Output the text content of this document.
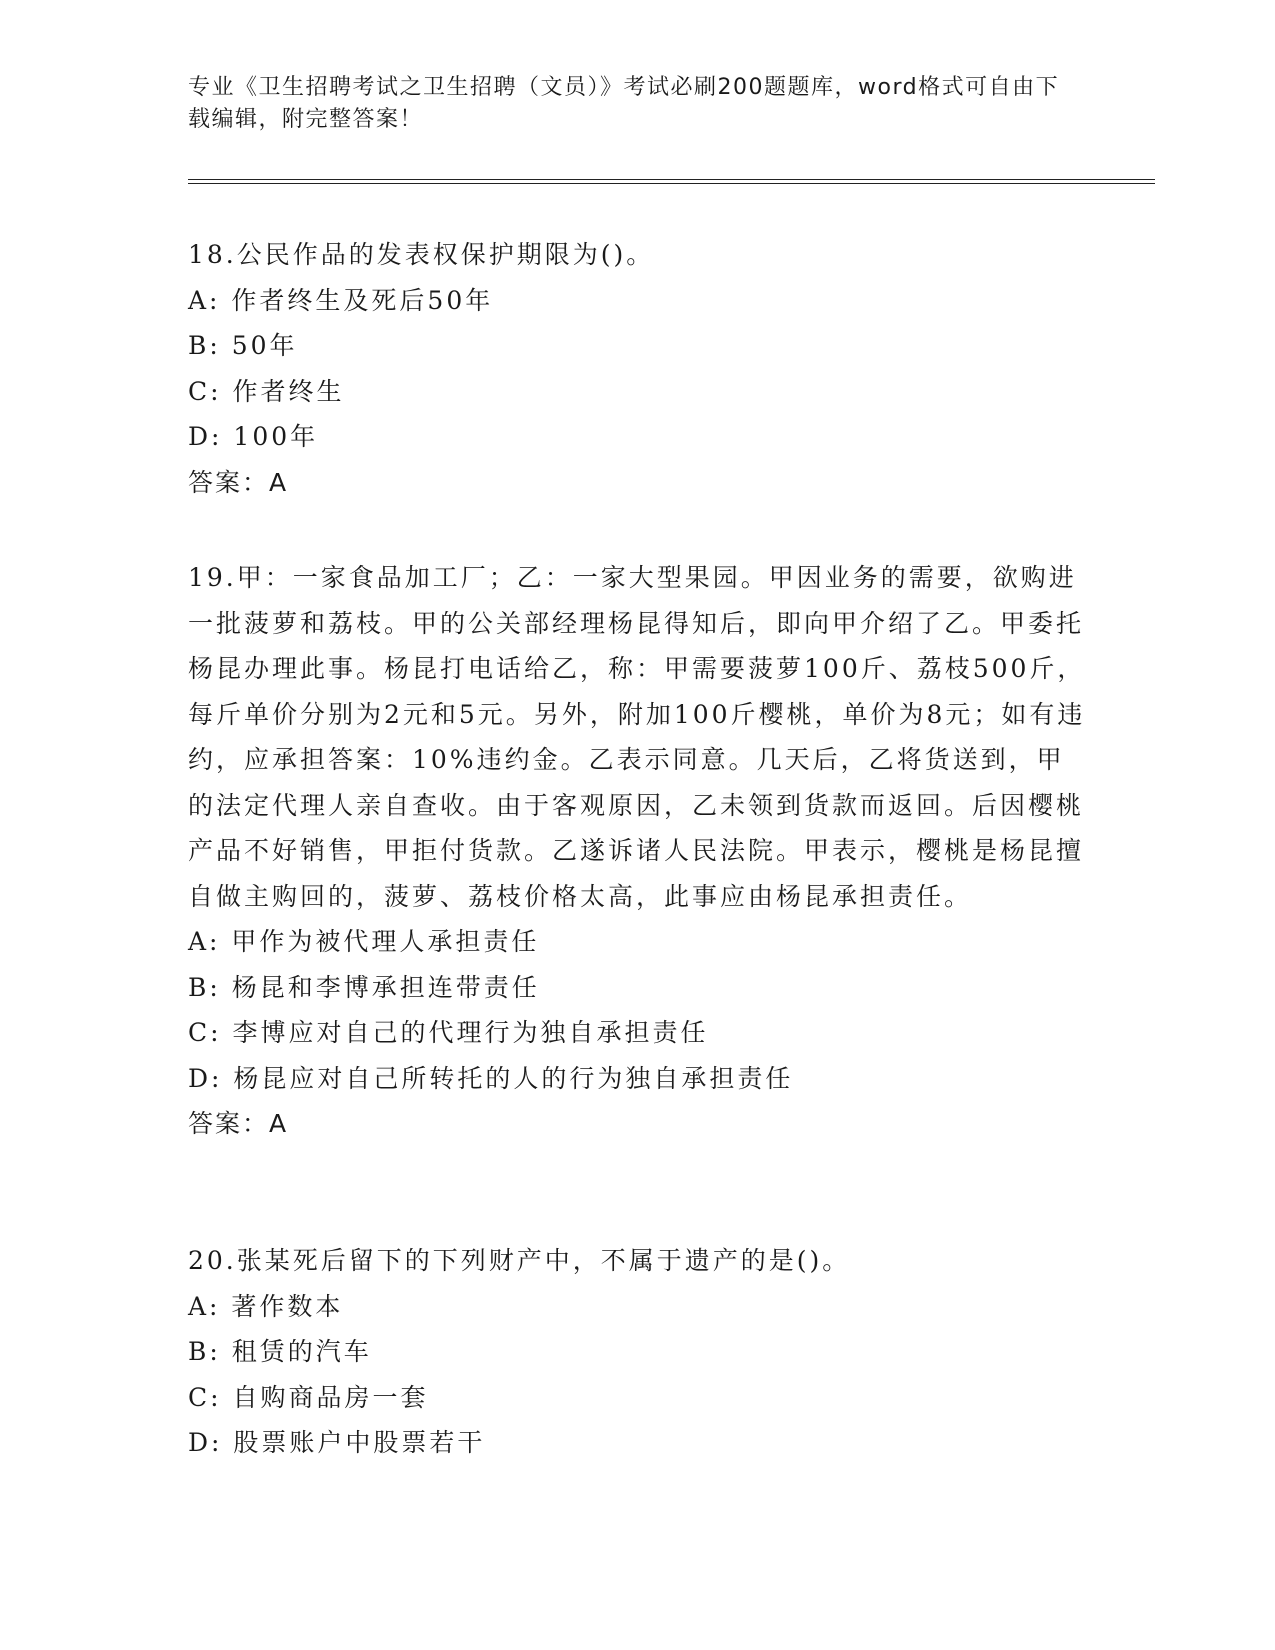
专业《卫生招聘考试之卫生招聘（文员）》考试必刷200题题库，word格式可自由下载编辑，附完整答案！

18.公民作品的发表权保护期限为()。

A: 作者终生及死后50年

B: 50年

C: 作者终生

D: 100年

答案：A

19.甲：一家食品加工厂；乙：一家大型果园。甲因业务的需要，欲购进一批菠萝和荔枝。甲的公关部经理杨昆得知后，即向甲介绍了乙。甲委托杨昆办理此事。杨昆打电话给乙，称：甲需要菠萝100斤、荔枝500斤，每斤单价分别为2元和5元。另外，附加100斤樱桃，单价为8元；如有违约，应承担答案：10%违约金。乙表示同意。几天后，乙将货送到，甲的法定代理人亲自查收。由于客观原因，乙未领到货款而返回。后因樱桃产品不好销售，甲拒付货款。乙遂诉诸人民法院。甲表示，樱桃是杨昆擅自做主购回的，菠萝、荔枝价格太高，此事应由杨昆承担责任。

A: 甲作为被代理人承担责任

B: 杨昆和李博承担连带责任

C: 李博应对自己的代理行为独自承担责任

D: 杨昆应对自己所转托的人的行为独自承担责任

答案：A

20.张某死后留下的下列财产中，不属于遗产的是()。

A: 著作数本

B: 租赁的汽车

C: 自购商品房一套

D: 股票账户中股票若干
